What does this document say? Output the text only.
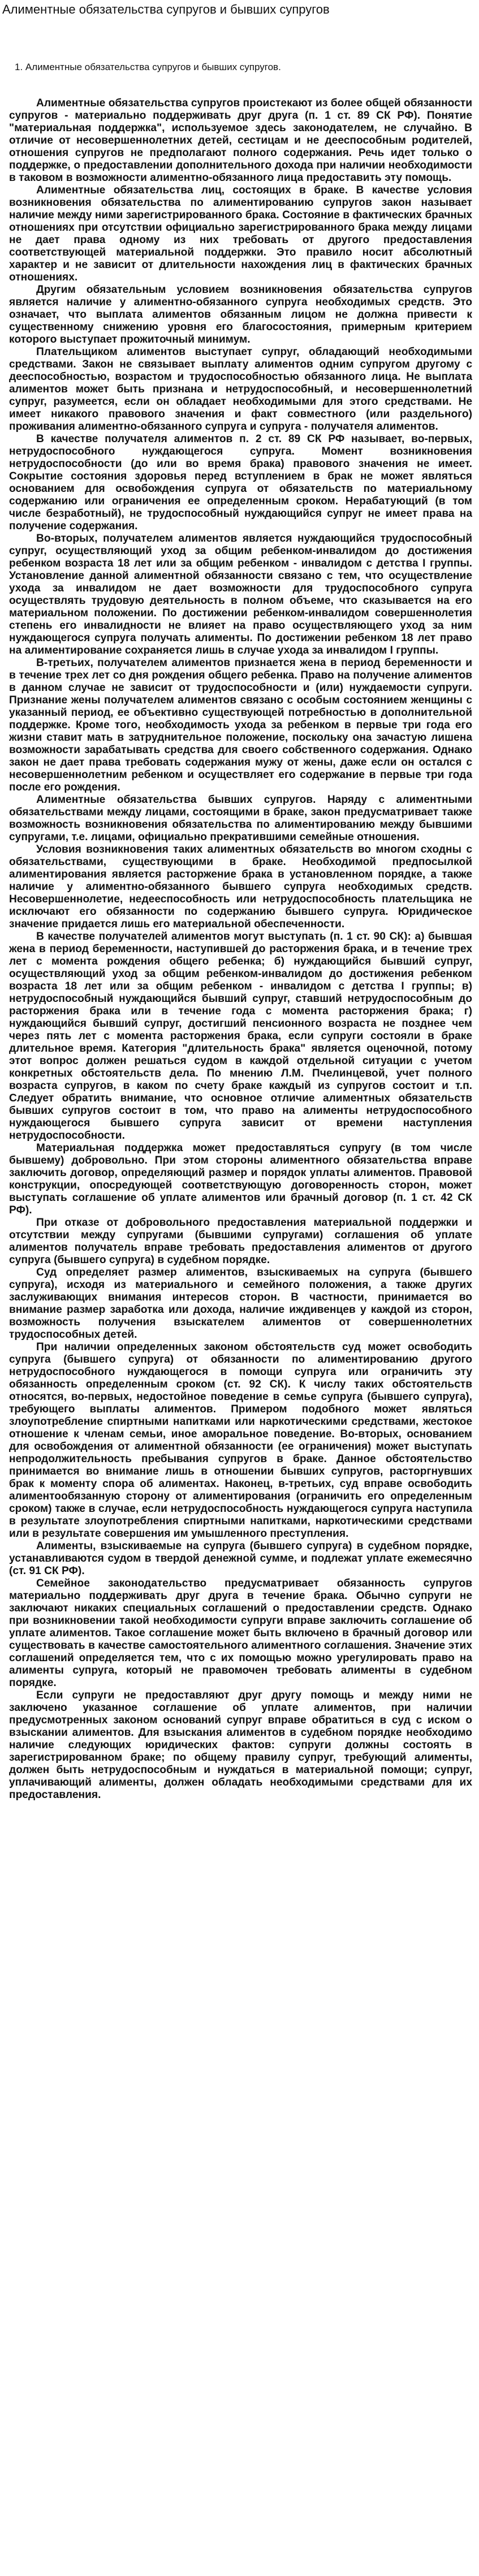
Алиментные обязательства супругов и бывших супругов
1. Алиментные обязательства супругов и бывших супругов.

Алиментные обязательства супругов проистекают из более общей обязанности супругов - материально поддерживать друг друга (п. 1 ст. 89 СК РФ). Понятие "материальная поддержка", используемое здесь законодателем, не случайно. В отличие от несовершеннолетних детей, сестицам и не дееспособным родителей, отношения супругов не предполагают полного содержания. Речь идет только о поддержке, о предоставлении дополнительного дохода при наличии необходимости в таковом в возможности алиментно-обязанного лица предоставить эту помощь.

Алиментные обязательства лиц, состоящих в браке. В качестве условия возникновения обязательства по алиментированию супругов закон называет наличие между ними зарегистрированного брака. Состояние в фактических брачных отношениях при отсутствии официально зарегистрированного брака между лицами не дает права одному из них требовать от другого предоставления соответствующей материальной поддержки. Это правило носит абсолютный характер и не зависит от длительности нахождения лиц в фактических брачных отношениях.

Другим обязательным условием возникновения обязательства супругов является наличие у алиментно-обязанного супруга необходимых средств. Это означает, что выплата алиментов обязанным лицом не должна привести к существенному снижению уровня его благосостояния, примерным критерием которого выступает прожиточный минимум.

Плательщиком алиментов выступает супруг, обладающий необходимыми средствами. Закон не связывает выплату алиментов одним супругом другому с дееспособностью, возрастом и трудоспособностью обязанного лица. Не выплата алиментов может быть признана и нетрудоспособный, и несовершеннолетний супруг, разумеется, если он обладает необходимыми для этого средствами. Не имеет никакого правового значения и факт совместного (или раздельного) проживания алиментно-обязанного супруга и супруга - получателя алиментов.

В качестве получателя алиментов п. 2 ст. 89 СК РФ называет, во-первых, нетрудоспособного нуждающегося супруга. Момент возникновения нетрудоспособности (до или во время брака) правового значения не имеет. Сокрытие состояния здоровья перед вступлением в брак не может являться основанием для освобождения супруга от обязательств по материальному содержанию или ограничения ее определенным сроком. Нерабатующий (в том числе безработный), не трудоспособный нуждающийся супруг не имеет права на получение содержания.

Во-вторых, получателем алиментов является нуждающийся трудоспособный супруг, осуществляющий уход за общим ребенком-инвалидом до достижения ребенком возраста 18 лет или за общим ребенком - инвалидом с детства I группы. Установление данной алиментной обязанности связано с тем, что осуществление ухода за инвалидом не дает возможности для трудоспособного супруга осуществлять трудовую деятельность в полном объеме, что сказывается на его материальном положении. По достижении ребенком-инвалидом совершеннолетия степень его инвалидности не влияет на право осуществляющего уход за ним нуждающегося супруга получать алименты. По достижении ребенком 18 лет право на алиментирование сохраняется лишь в случае ухода за инвалидом I группы.

В-третьих, получателем алиментов признается жена в период беременности и в течение трех лет со дня рождения общего ребенка. Право на получение алиментов в данном случае не зависит от трудоспособности и (или) нуждаемости супруги. Признание жены получателем алиментов связано с особым состоянием женщины с указанный период, ее объективно существующей потребностью в дополнительной поддержке. Кроме того, необходимость ухода за ребенком в первые три года его жизни ставит мать в затруднительное положение, поскольку она зачастую лишена возможности зарабатывать средства для своего собственного содержания. Однако закон не дает права требовать содержания мужу от жены, даже если он остался с несовершеннолетним ребенком и осуществляет его содержание в первые три года после его рождения.

Алиментные обязательства бывших супругов. Наряду с алиментными обязательствами между лицами, состоящими в браке, закон предусматривает также возможность возникновения обязательства по алиментированию между бывшими супругами, т.е. лицами, официально прекратившими семейные отношения.

Условия возникновения таких алиментных обязательств во многом сходны с обязательствами, существующими в браке. Необходимой предпосылкой алиментирования является расторжение брака в установленном порядке, а также наличие у алиментно-обязанного бывшего супруга необходимых средств. Несовершеннолетие, недееспособность или нетрудоспособность плательщика не исключают его обязанности по содержанию бывшего супруга. Юридическое значение придается лишь его материальной обеспеченности.

В качестве получателей алиментов могут выступать (п. 1 ст. 90 СК): а) бывшая жена в период беременности, наступившей до расторжения брака, и в течение трех лет с момента рождения общего ребенка; б) нуждающийся бывший супруг, осуществляющий уход за общим ребенком-инвалидом до достижения ребенком возраста 18 лет или за общим ребенком - инвалидом с детства I группы; в) нетрудоспособный нуждающийся бывший супруг, ставший нетрудоспособным до расторжения брака или в течение года с момента расторжения брака; г) нуждающийся бывший супруг, достигший пенсионного возраста не позднее чем через пять лет с момента расторжения брака, если супруги состояли в браке длительное время. Категория "длительность брака" является оценочной, потому этот вопрос должен решаться судом в каждой отдельной ситуации с учетом конкретных обстоятельств дела. По мнению Л.М. Пчелинцевой, учет полного возраста супругов, в каком по счету браке каждый из супругов состоит и т.п. Следует обратить внимание, что основное отличие алиментных обязательств бывших супругов состоит в том, что право на алименты нетрудоспособного нуждающегося бывшего супруга зависит от времени наступления нетрудоспособности.

Материальная поддержка может предоставляться супругу (в том числе бывшему) добровольно. При этом стороны алиментного обязательства вправе заключить договор, определяющий размер и порядок уплаты алиментов. Правовой конструкции, опосредующей соответствующую договоренность сторон, может выступать соглашение об уплате алиментов или брачный договор (п. 1 ст. 42 СК РФ).

При отказе от добровольного предоставления материальной поддержки и отсутствии между супругами (бывшими супругами) соглашения об уплате алиментов получатель вправе требовать предоставления алиментов от другого супруга (бывшего супруга) в судебном порядке.

Суд определяет размер алиментов, взыскиваемых на супруга (бывшего супруга), исходя из материального и семейного положения, а также других заслуживающих внимания интересов сторон. В частности, принимается во внимание размер заработка или дохода, наличие иждивенцев у каждой из сторон, возможность получения взыскателем алиментов от совершеннолетних трудоспособных детей.

При наличии определенных законом обстоятельств суд может освободить супруга (бывшего супруга) от обязанности по алиментированию другого нетрудоспособного нуждающегося в помощи супруга или ограничить эту обязанность определенным сроком (ст. 92 СК). К числу таких обстоятельств относятся, во-первых, недостойное поведение в семье супруга (бывшего супруга), требующего выплаты алиментов. Примером подобного может являться злоупотребление спиртными напитками или наркотическими средствами, жестокое отношение к членам семьи, иное аморальное поведение. Во-вторых, основанием для освобождения от алиментной обязанности (ее ограничения) может выступать непродолжительность пребывания супругов в браке. Данное обстоятельство принимается во внимание лишь в отношении бывших супругов, расторгнувших брак к моменту спора об алиментах. Наконец, в-третьих, суд вправе освободить алиментообязанную сторону от алиментирования (ограничить его определенным сроком) также в случае, если нетрудоспособность нуждающегося супруга наступила в результате злоупотребления спиртными напитками, наркотическими средствами или в результате совершения им умышленного преступления.

Алименты, взыскиваемые на супруга (бывшего супруга) в судебном порядке, устанавливаются судом в твердой денежной сумме, и подлежат уплате ежемесячно (ст. 91 СК РФ).

Семейное законодательство предусматривает обязанность супругов материально поддерживать друг друга в течение брака. Обычно супруги не заключают никаких специальных соглашений о предоставлении средств. Однако при возникновении такой необходимости супруги вправе заключить соглашение об уплате алиментов. Такое соглашение может быть включено в брачный договор или существовать в качестве самостоятельного алиментного соглашения. Значение этих соглашений определяется тем, что с их помощью можно урегулировать право на алименты супруга, который не правомочен требовать алименты в судебном порядке.

Если супруги не предоставляют друг другу помощь и между ними не заключено указанное соглашение об уплате алиментов, при наличии предусмотренных законом оснований супруг вправе обратиться в суд с иском о взыскании алиментов. Для взыскания алиментов в судебном порядке необходимо наличие следующих юридических фактов: супруги должны состоять в зарегистрированном браке; по общему правилу супруг, требующий алименты, должен быть нетрудоспособным и нуждаться в материальной помощи; супруг, уплачивающий алименты, должен обладать необходимыми средствами для их предоставления.
